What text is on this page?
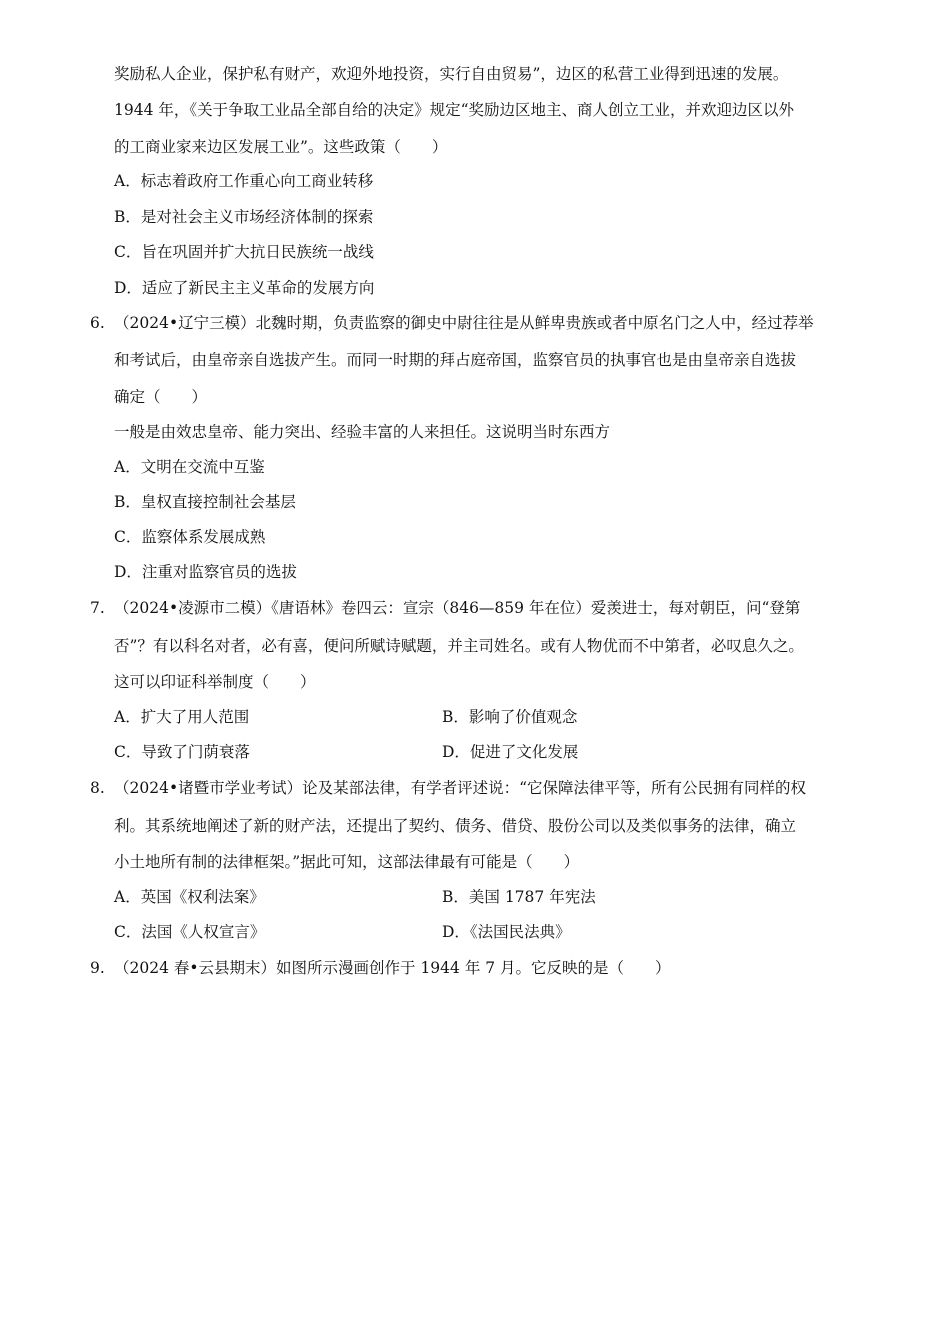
奖励私人企业，保护私有财产，欢迎外地投资，实行自由贸易”，边区的私营工业得到迅速的发展。
1944 年，《关于争取工业品全部自给的决定》规定“奖励边区地主、商人创立工业，并欢迎边区以外
的工商业家来边区发展工业”。这些政策（　　）
A．标志着政府工作重心向工商业转移
B．是对社会主义市场经济体制的探索
C．旨在巩固并扩大抗日民族统一战线
D．适应了新民主主义革命的发展方向
6. （2024•辽宁三模）北魏时期，负责监察的御史中尉往往是从鲜卑贵族或者中原名门之人中，经过荐举
和考试后，由皇帝亲自选拔产生。而同一时期的拜占庭帝国，监察官员的执事官也是由皇帝亲自选拔
确定（　　）
一般是由效忠皇帝、能力突出、经验丰富的人来担任。这说明当时东西方
A．文明在交流中互鉴
B．皇权直接控制社会基层
C．监察体系发展成熟
D．注重对监察官员的选拔
7. （2024•凌源市二模）《唐语林》卷四云：宣宗（846—859 年在位）爱羡进士，每对朝臣，问“登第
否”？有以科名对者，必有喜，便问所赋诗赋题，并主司姓名。或有人物优而不中第者，必叹息久之。
这可以印证科举制度（　　）
A．扩大了用人范围	B．影响了价值观念
C．导致了门荫衰落	D．促进了文化发展
8. （2024•诸暨市学业考试）论及某部法律，有学者评述说：“它保障法律平等，所有公民拥有同样的权
利。其系统地阐述了新的财产法，还提出了契约、债务、借贷、股份公司以及类似事务的法律，确立
小土地所有制的法律框架。”据此可知，这部法律最有可能是（　　）
A．英国《权利法案》	B．美国 1787 年宪法
C．法国《人权宣言》	D．《法国民法典》
9. （2024 春•云县期末）如图所示漫画创作于 1944 年 7 月。它反映的是（　　）
